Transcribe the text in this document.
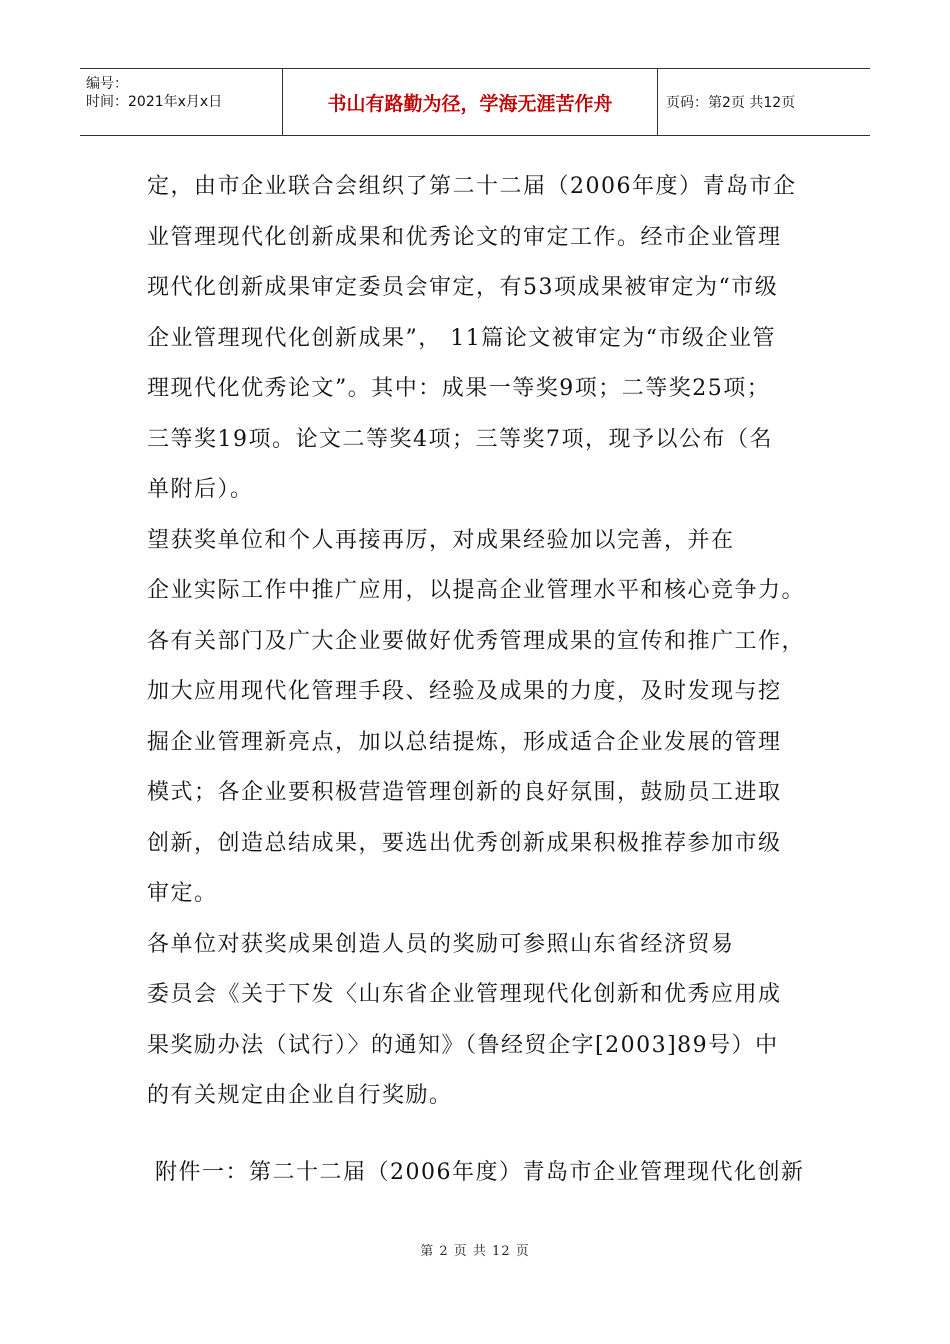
编号：
时间：2021年x月x日	书山有路勤为径，学海无涯苦作舟	页码：第2页 共12页
定，由市企业联合会组织了第二十二届（2006年度）青岛市企
业管理现代化创新成果和优秀论文的审定工作。经市企业管理
现代化创新成果审定委员会审定，有53项成果被审定为“市级
企业管理现代化创新成果”， 11篇论文被审定为“市级企业管
理现代化优秀论文”。其中：成果一等奖9项；二等奖25项；
三等奖19项。论文二等奖4项；三等奖7项，现予以公布（名
单附后）。
望获奖单位和个人再接再厉，对成果经验加以完善，并在
企业实际工作中推广应用，以提高企业管理水平和核心竞争力。
各有关部门及广大企业要做好优秀管理成果的宣传和推广工作，
加大应用现代化管理手段、经验及成果的力度，及时发现与挖
掘企业管理新亮点，加以总结提炼，形成适合企业发展的管理
模式；各企业要积极营造管理创新的良好氛围，鼓励员工进取
创新，创造总结成果，要选出优秀创新成果积极推荐参加市级
审定。
各单位对获奖成果创造人员的奖励可参照山东省经济贸易
委员会《关于下发〈山东省企业管理现代化创新和优秀应用成
果奖励办法（试行）〉的通知》（鲁经贸企字[2003]89号）中
的有关规定由企业自行奖励。
附件一：第二十二届（2006年度）青岛市企业管理现代化创新
第 2 页 共 12 页
